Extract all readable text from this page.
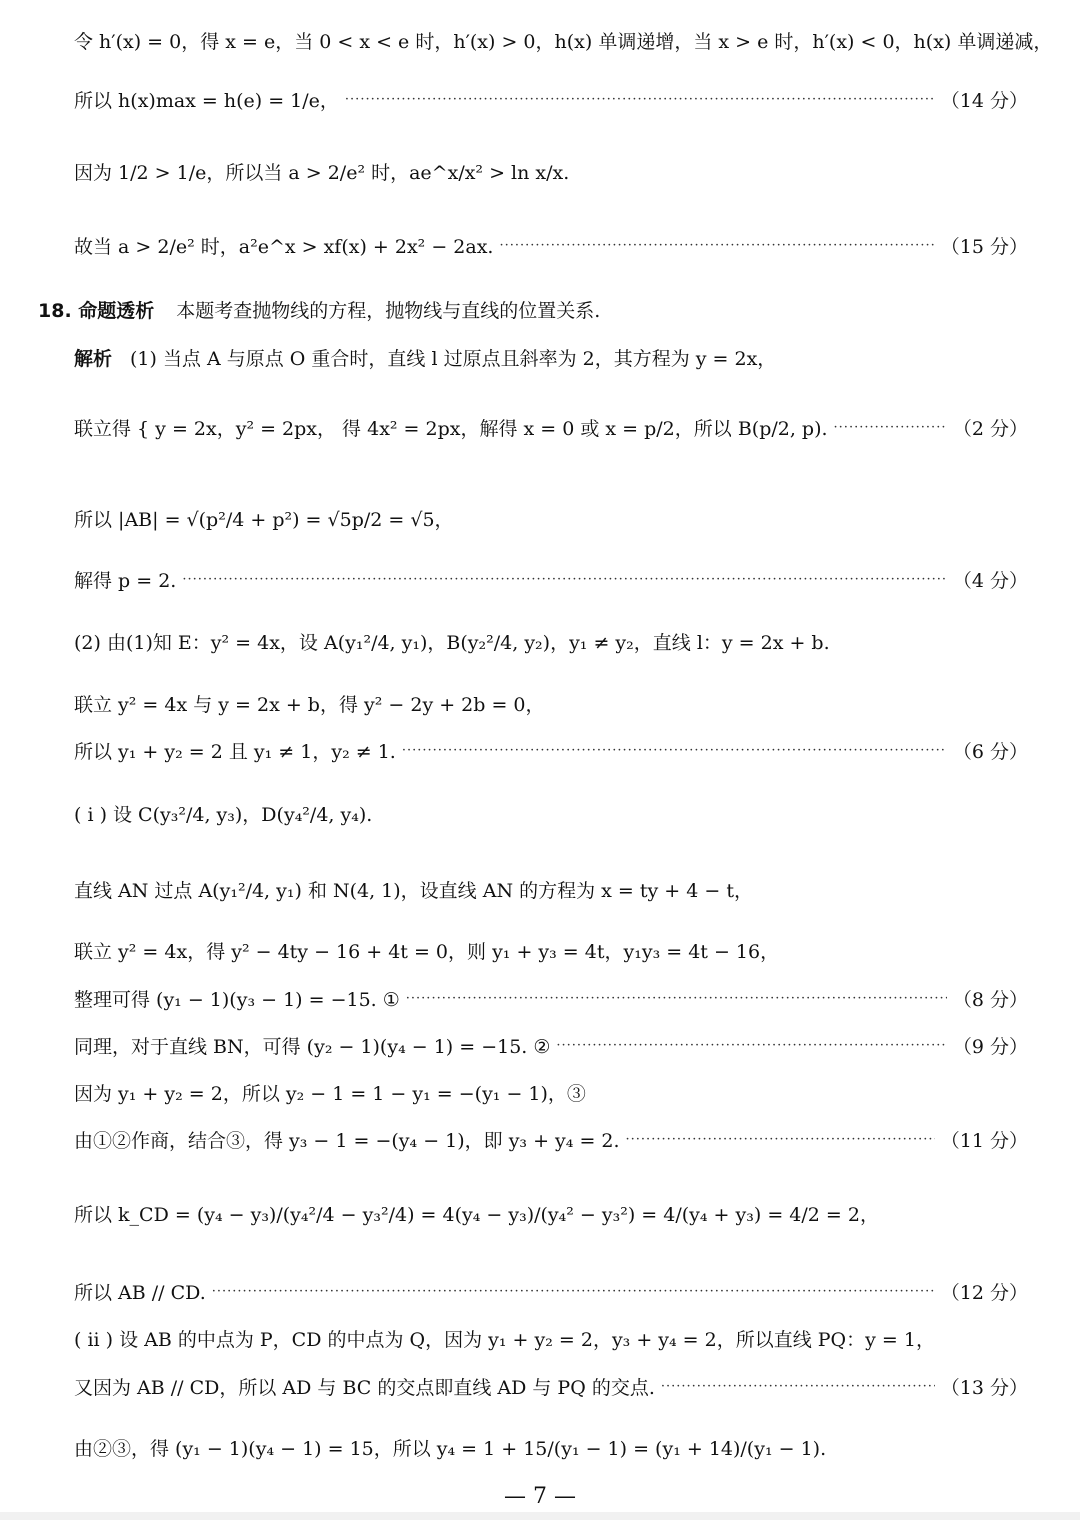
令 h′(x) = 0，得 x = e，当 0 < x < e 时，h′(x) > 0，h(x) 单调递增，当 x > e 时，h′(x) < 0，h(x) 单调递减，
所以 h(x)max = h(e) = 1/e， ·····	（14 分）
因为 1/2 > 1/e，所以当 a > 2/e² 时，ae^x/x² > ln x/x.
故当 a > 2/e² 时，a²e^x > xf(x) + 2x² − 2ax. ·····	（15 分）
18. 命题透析 本题考查抛物线的方程，抛物线与直线的位置关系.
解析 (1) 当点 A 与原点 O 重合时，直线 l 过原点且斜率为 2，其方程为 y = 2x，
联立得 { y = 2x，y² = 2px， 得 4x² = 2px，解得 x = 0 或 x = p/2，所以 B(p/2, p). ·····	（2 分）
所以 |AB| = √(p²/4 + p²) = √5p/2 = √5，
解得 p = 2. ·····	（4 分）
(2) 由(1)知 E：y² = 4x，设 A(y₁²/4, y₁)，B(y₂²/4, y₂)，y₁ ≠ y₂，直线 l：y = 2x + b.
联立 y² = 4x 与 y = 2x + b，得 y² − 2y + 2b = 0，
所以 y₁ + y₂ = 2 且 y₁ ≠ 1，y₂ ≠ 1. ·····	（6 分）
( i ) 设 C(y₃²/4, y₃)，D(y₄²/4, y₄).
直线 AN 过点 A(y₁²/4, y₁) 和 N(4, 1)，设直线 AN 的方程为 x = ty + 4 − t，
联立 y² = 4x，得 y² − 4ty − 16 + 4t = 0，则 y₁ + y₃ = 4t，y₁y₃ = 4t − 16，
整理可得 (y₁ − 1)(y₃ − 1) = −15. ① ·····	（8 分）
同理，对于直线 BN，可得 (y₂ − 1)(y₄ − 1) = −15. ② ·····	（9 分）
因为 y₁ + y₂ = 2，所以 y₂ − 1 = 1 − y₁ = −(y₁ − 1)，③
由①②作商，结合③，得 y₃ − 1 = −(y₄ − 1)，即 y₃ + y₄ = 2. ·····	（11 分）
所以 k_CD = (y₄ − y₃)/(y₄²/4 − y₃²/4) = 4(y₄ − y₃)/(y₄² − y₃²) = 4/(y₄ + y₃) = 4/2 = 2，
所以 AB // CD. ·····	（12 分）
( ii ) 设 AB 的中点为 P，CD 的中点为 Q，因为 y₁ + y₂ = 2，y₃ + y₄ = 2，所以直线 PQ：y = 1，
又因为 AB // CD，所以 AD 与 BC 的交点即直线 AD 与 PQ 的交点. ·····	（13 分）
由②③，得 (y₁ − 1)(y₄ − 1) = 15，所以 y₄ = 1 + 15/(y₁ − 1) = (y₁ + 14)/(y₁ − 1).
— 7 —
